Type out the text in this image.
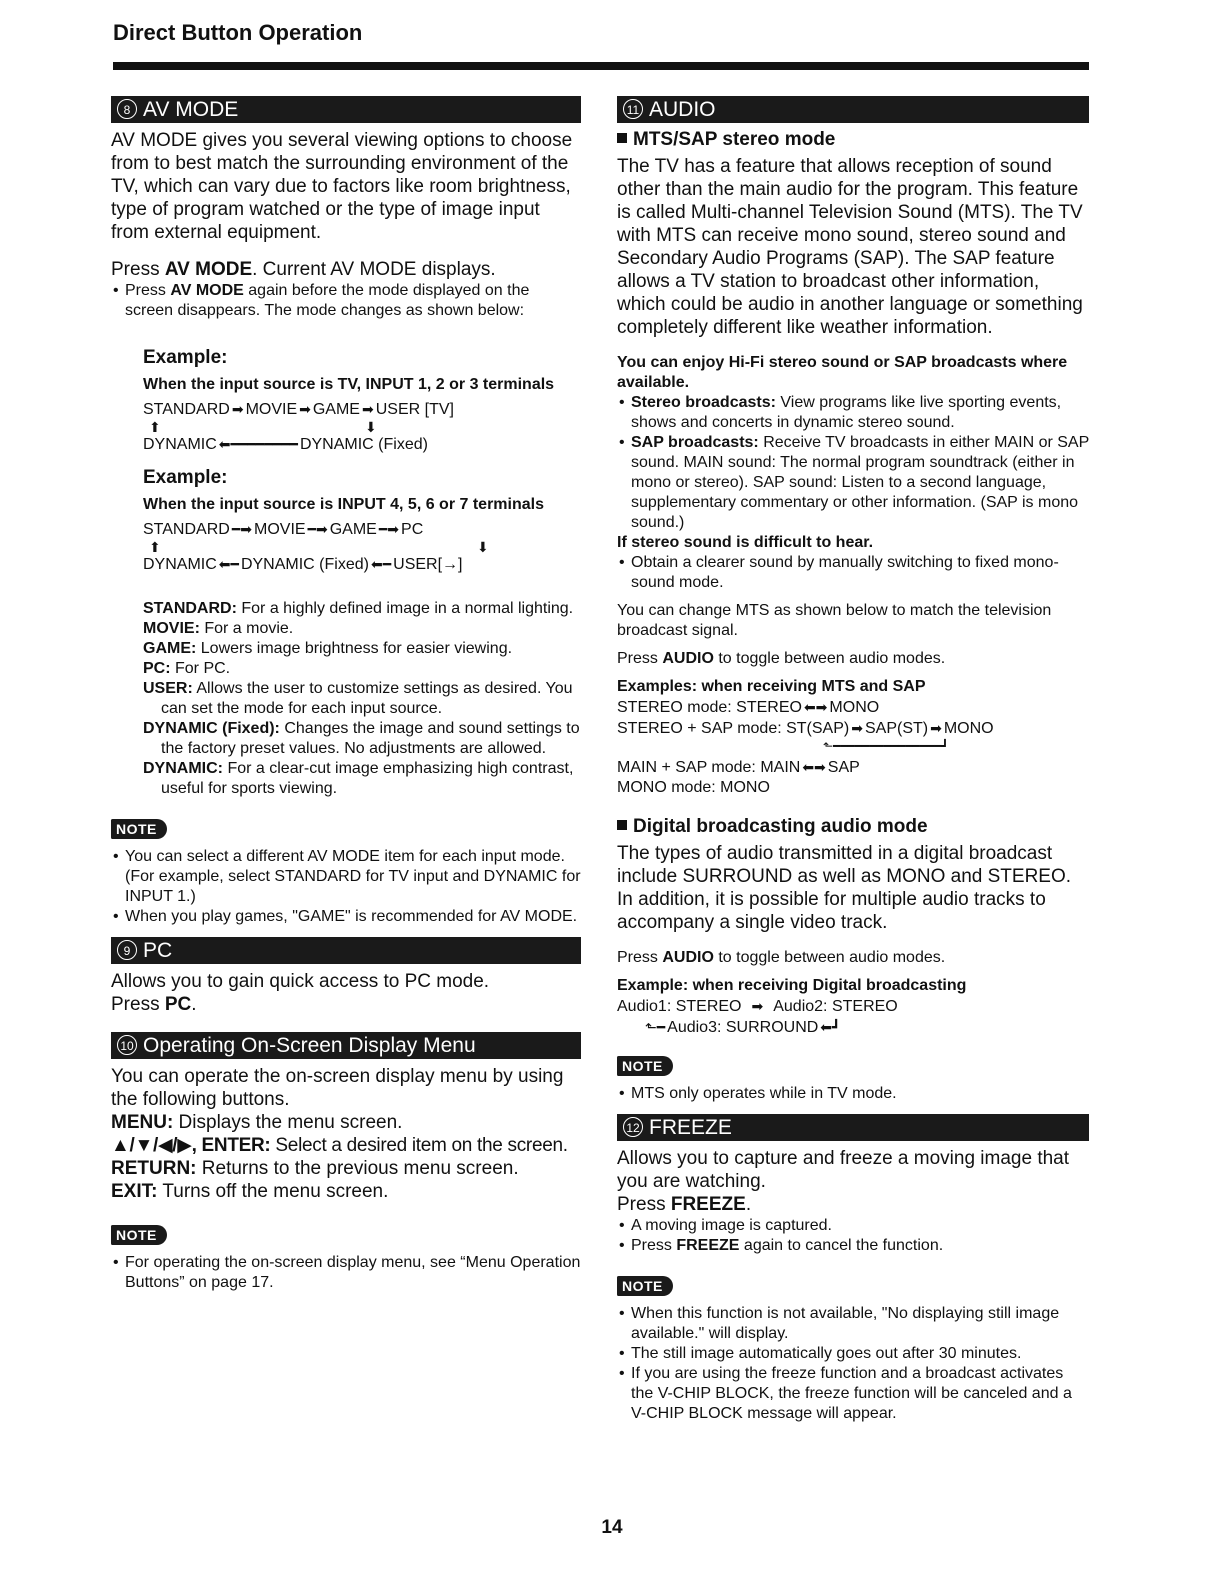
Direct Button Operation
8 AV MODE

AV MODE gives you several viewing options to choose from to best match the surrounding environment of the TV, which can vary due to factors like room brightness, type of program watched or the type of image input from external equipment.

Press AV MODE. Current AV MODE displays.

• Press AV MODE again before the mode displayed on the screen disappears. The mode changes as shown below:
Example:
When the input source is TV, INPUT 1, 2 or 3 terminals
STANDARD ➡ MOVIE ➡ GAME ➡ USER [TV]
⬆	⬇
DYNAMIC ⬅━━━━━━━━ DYNAMIC (Fixed)
Example:
When the input source is INPUT 4, 5, 6 or 7 terminals
STANDARD ━➡ MOVIE ━➡ GAME ━➡ PC
⬆	⬇
DYNAMIC ⬅━ DYNAMIC (Fixed) ⬅━ USER[→]
STANDARD: For a highly defined image in a normal lighting.
MOVIE: For a movie.
GAME: Lowers image brightness for easier viewing.
PC: For PC.
USER: Allows the user to customize settings as desired. You can set the mode for each input source.
DYNAMIC (Fixed): Changes the image and sound settings to the factory preset values. No adjustments are allowed.
DYNAMIC: For a clear-cut image emphasizing high contrast, useful for sports viewing.
NOTE
• You can select a different AV MODE item for each input mode. (For example, select STANDARD for TV input and DYNAMIC for INPUT 1.)
• When you play games, "GAME" is recommended for AV MODE.
9 PC

Allows you to gain quick access to PC mode.

Press PC.

10 Operating On-Screen Display Menu

You can operate the on-screen display menu by using the following buttons.

MENU: Displays the menu screen.

▲/▼/◀/▶, ENTER: Select a desired item on the screen.

RETURN: Returns to the previous menu screen.

EXIT: Turns off the menu screen.

NOTE
• For operating the on-screen display menu, see “Menu Operation Buttons” on page 17.
11 AUDIO
MTS/SAP stereo mode

The TV has a feature that allows reception of sound other than the main audio for the program. This feature is called Multi-channel Television Sound (MTS). The TV with MTS can receive mono sound, stereo sound and Secondary Audio Programs (SAP). The SAP feature allows a TV station to broadcast other information, which could be audio in another language or something completely different like weather information.

You can enjoy Hi-Fi stereo sound or SAP broadcasts where available.

• Stereo broadcasts: View programs like live sporting events, shows and concerts in dynamic stereo sound.
• SAP broadcasts: Receive TV broadcasts in either MAIN or SAP sound. MAIN sound: The normal program soundtrack (either in mono or stereo). SAP sound: Listen to a second language, supplementary commentary or other information. (SAP is mono sound.)

If stereo sound is difficult to hear.

• Obtain a clearer sound by manually switching to fixed mono-sound mode.

You can change MTS as shown below to match the television broadcast signal.

Press AUDIO to toggle between audio modes.

Examples: when receiving MTS and SAP

STEREO mode: STEREO ⬅➡ MONO
STEREO + SAP mode: ST(SAP) ➡ SAP(ST) ➡ MONO
⬑━━━━━━━━━━━━━━━┛
MAIN + SAP mode: MAIN ⬅➡ SAP
MONO mode: MONO
Digital broadcasting audio mode

The types of audio transmitted in a digital broadcast include SURROUND as well as MONO and STEREO. In addition, it is possible for multiple audio tracks to accompany a single video track.

Press AUDIO to toggle between audio modes.

Example: when receiving Digital broadcasting

Audio1: STEREO ➡ Audio2: STEREO
⬑━ Audio3: SURROUND ⬅┛
NOTE
• MTS only operates while in TV mode.
12 FREEZE

Allows you to capture and freeze a moving image that you are watching.

Press FREEZE.

• A moving image is captured.
• Press FREEZE again to cancel the function.
NOTE
• When this function is not available, "No displaying still image available." will display.
• The still image automatically goes out after 30 minutes.
• If you are using the freeze function and a broadcast activates the V-CHIP BLOCK, the freeze function will be canceled and a V-CHIP BLOCK message will appear.
14
